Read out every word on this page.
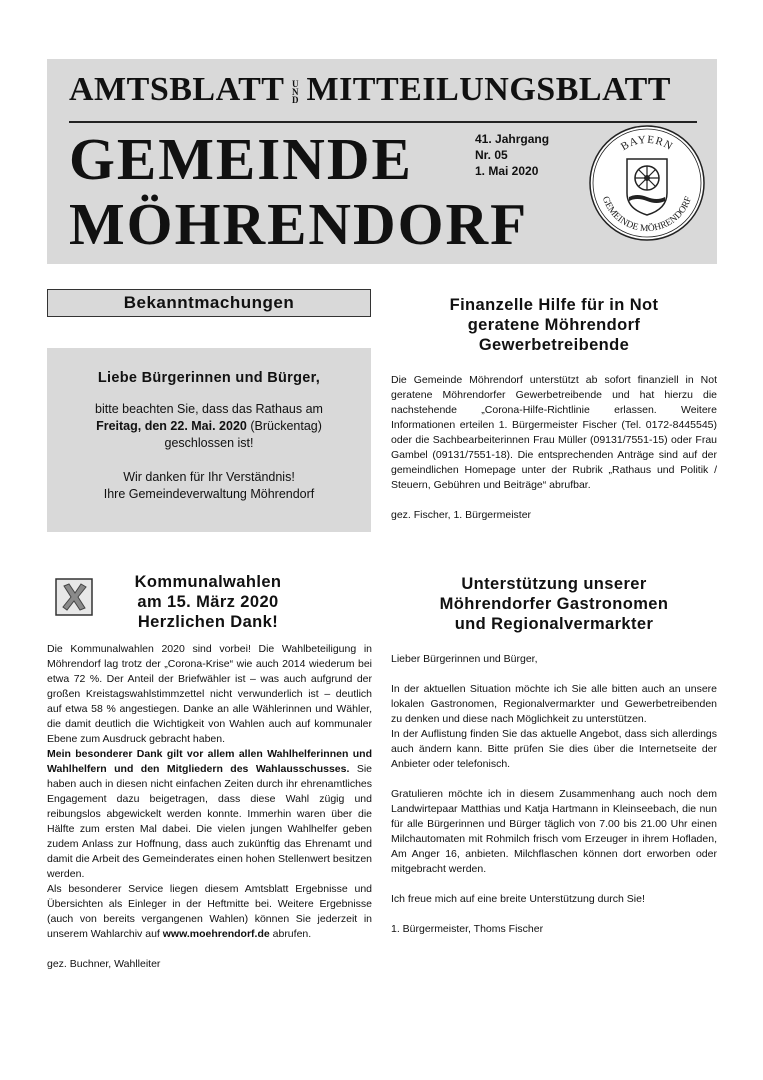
AMTSBLATT U
N
D MITTEILUNGSBLATT
GEMEINDE
MÖHRENDORF
41. Jahrgang
Nr. 05
1. Mai 2020
BAYERN
GEMEINDE MÖHRENDORF
Bekanntmachungen
Liebe Bürgerinnen und Bürger,

bitte beachten Sie, dass das Rathaus am

Freitag, den 22. Mai. 2020 (Brückentag)

geschlossen ist!

Wir danken für Ihr Verständnis!

Ihre Gemeindeverwaltung Möhrendorf

Finanzelle Hilfe für in Not
geratene Möhrendorf
Gewerbetreibende

Die Gemeinde Möhrendorf unterstützt ab sofort finanziell in Not geratene Möhrendorfer Gewerbetreibende und hat hierzu die nachstehende „Corona-Hilfe-Richtlinie erlassen. Weitere Informationen erteilen 1. Bürgermeister Fischer (Tel. 0172-8445545) oder die Sachbearbeiterinnen Frau Müller (09131/7551-15) oder Frau Gambel (09131/7551-18). Die entsprechenden Anträge sind auf der gemeindlichen Homepage unter der Rubrik „Rathaus und Politik / Steuern, Gebühren und Beiträge“ abrufbar.

gez. Fischer, 1. Bürgermeister

Kommunalwahlen
am 15. März 2020
Herzlichen Dank!

Die Kommunalwahlen 2020 sind vorbei! Die Wahlbeteiligung in Möhrendorf lag trotz der „Corona-Krise“ wie auch 2014 wiederum bei etwa 72 %. Der Anteil der Briefwähler ist – was auch aufgrund der großen Kreistagswahlstimmzettel nicht verwunderlich ist – deutlich auf etwa 58 % angestiegen. Danke an alle Wählerinnen und Wähler, die damit deutlich die Wichtigkeit von Wahlen auch auf kommunaler Ebene zum Ausdruck gebracht haben.

Mein besonderer Dank gilt vor allem allen Wahlhelferinnen und Wahlhelfern und den Mitgliedern des Wahlausschusses. Sie haben auch in diesen nicht einfachen Zeiten durch ihr ehrenamtliches Engagement dazu beigetragen, dass diese Wahl zügig und reibungslos abgewickelt werden konnte. Immerhin waren über die Hälfte zum ersten Mal dabei. Die vielen jungen Wahlhelfer geben zudem Anlass zur Hoffnung, dass auch zukünftig das Ehrenamt und damit die Arbeit des Gemeinderates einen hohen Stellenwert besitzen werden.

Als besonderer Service liegen diesem Amtsblatt Ergebnisse und Übersichten als Einleger in der Heftmitte bei. Weitere Ergebnisse (auch von bereits vergangenen Wahlen) können Sie jederzeit in unserem Wahlarchiv auf www.moehrendorf.de abrufen.

gez. Buchner, Wahlleiter

Unterstützung unserer
Möhrendorfer Gastronomen
und Regionalvermarkter

Lieber Bürgerinnen und Bürger,

In der aktuellen Situation möchte ich Sie alle bitten auch an unsere lokalen Gastronomen, Regionalvermarkter und Gewerbetreibenden zu denken und diese nach Möglichkeit zu unterstützen.

In der Auflistung finden Sie das aktuelle Angebot, dass sich allerdings auch ändern kann. Bitte prüfen Sie dies über die Internetseite der Anbieter oder telefonisch.

Gratulieren möchte ich in diesem Zusammenhang auch noch dem Landwirtepaar Matthias und Katja Hartmann in Kleinseebach, die nun für alle Bürgerinnen und Bürger täglich von 7.00 bis 21.00 Uhr einen Milchautomaten mit Rohmilch frisch vom Erzeuger in ihrem Hofladen, Am Anger 16, anbieten. Milchflaschen können dort erworben oder mitgebracht werden.

Ich freue mich auf eine breite Unterstützung durch Sie!

1. Bürgermeister, Thoms Fischer
